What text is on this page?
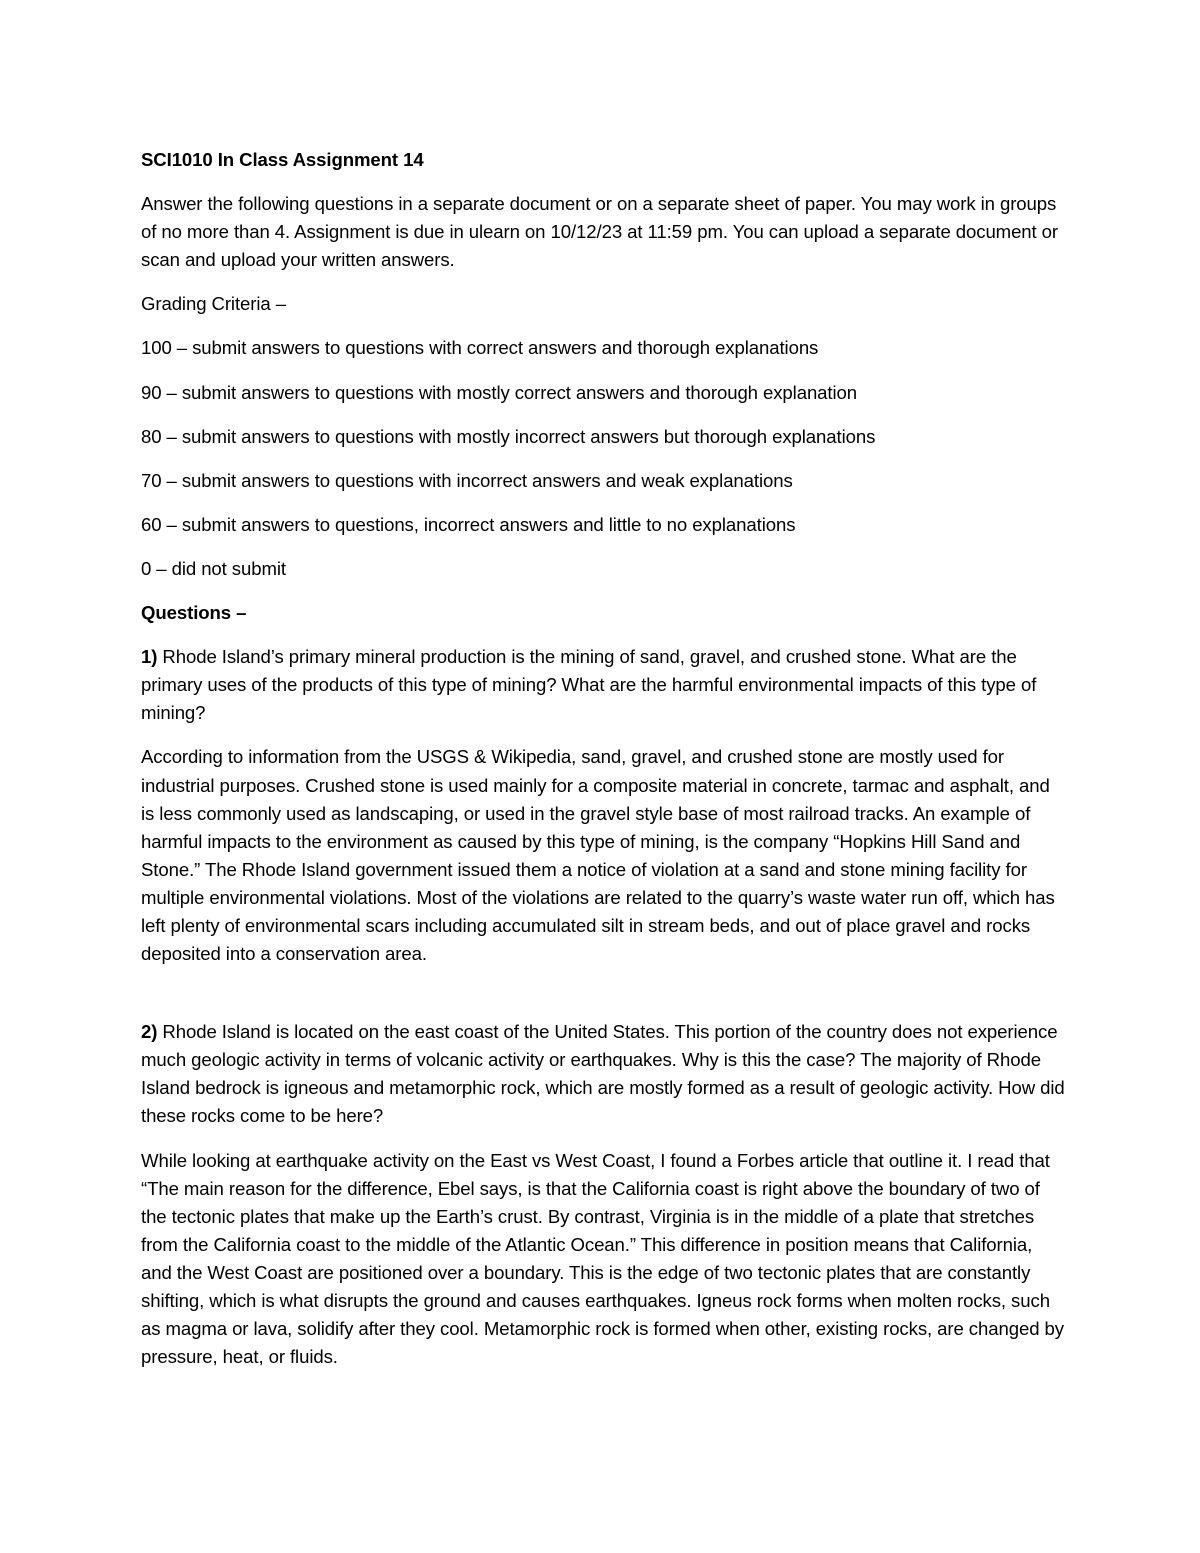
SCI1010 In Class Assignment 14

Answer the following questions in a separate document or on a separate sheet of paper. You may work in groups of no more than 4. Assignment is due in ulearn on 10/12/23 at 11:59 pm. You can upload a separate document or scan and upload your written answers.

Grading Criteria –

100 – submit answers to questions with correct answers and thorough explanations
90 – submit answers to questions with mostly correct answers and thorough explanation
80 – submit answers to questions with mostly incorrect answers but thorough explanations
70 – submit answers to questions with incorrect answers and weak explanations
60 – submit answers to questions, incorrect answers and little to no explanations
0 – did not submit

Questions –

1) Rhode Island’s primary mineral production is the mining of sand, gravel, and crushed stone. What are the primary uses of the products of this type of mining? What are the harmful environmental impacts of this type of mining?

According to information from the USGS & Wikipedia, sand, gravel, and crushed stone are mostly used for industrial purposes. Crushed stone is used mainly for a composite material in concrete, tarmac and asphalt, and is less commonly used as landscaping, or used in the gravel style base of most railroad tracks. An example of harmful impacts to the environment as caused by this type of mining, is the company “Hopkins Hill Sand and Stone.” The Rhode Island government issued them a notice of violation at a sand and stone mining facility for multiple environmental violations. Most of the violations are related to the quarry’s waste water run off, which has left plenty of environmental scars including accumulated silt in stream beds, and out of place gravel and rocks deposited into a conservation area.

2) Rhode Island is located on the east coast of the United States. This portion of the country does not experience much geologic activity in terms of volcanic activity or earthquakes. Why is this the case? The majority of Rhode Island bedrock is igneous and metamorphic rock, which are mostly formed as a result of geologic activity. How did these rocks come to be here?

While looking at earthquake activity on the East vs West Coast, I found a Forbes article that outline it. I read that “The main reason for the difference, Ebel says, is that the California coast is right above the boundary of two of the tectonic plates that make up the Earth’s crust. By contrast, Virginia is in the middle of a plate that stretches from the California coast to the middle of the Atlantic Ocean.” This difference in position means that California, and the West Coast are positioned over a boundary. This is the edge of two tectonic plates that are constantly shifting, which is what disrupts the ground and causes earthquakes. Igneus rock forms when molten rocks, such as magma or lava, solidify after they cool. Metamorphic rock is formed when other, existing rocks, are changed by pressure, heat, or fluids.
